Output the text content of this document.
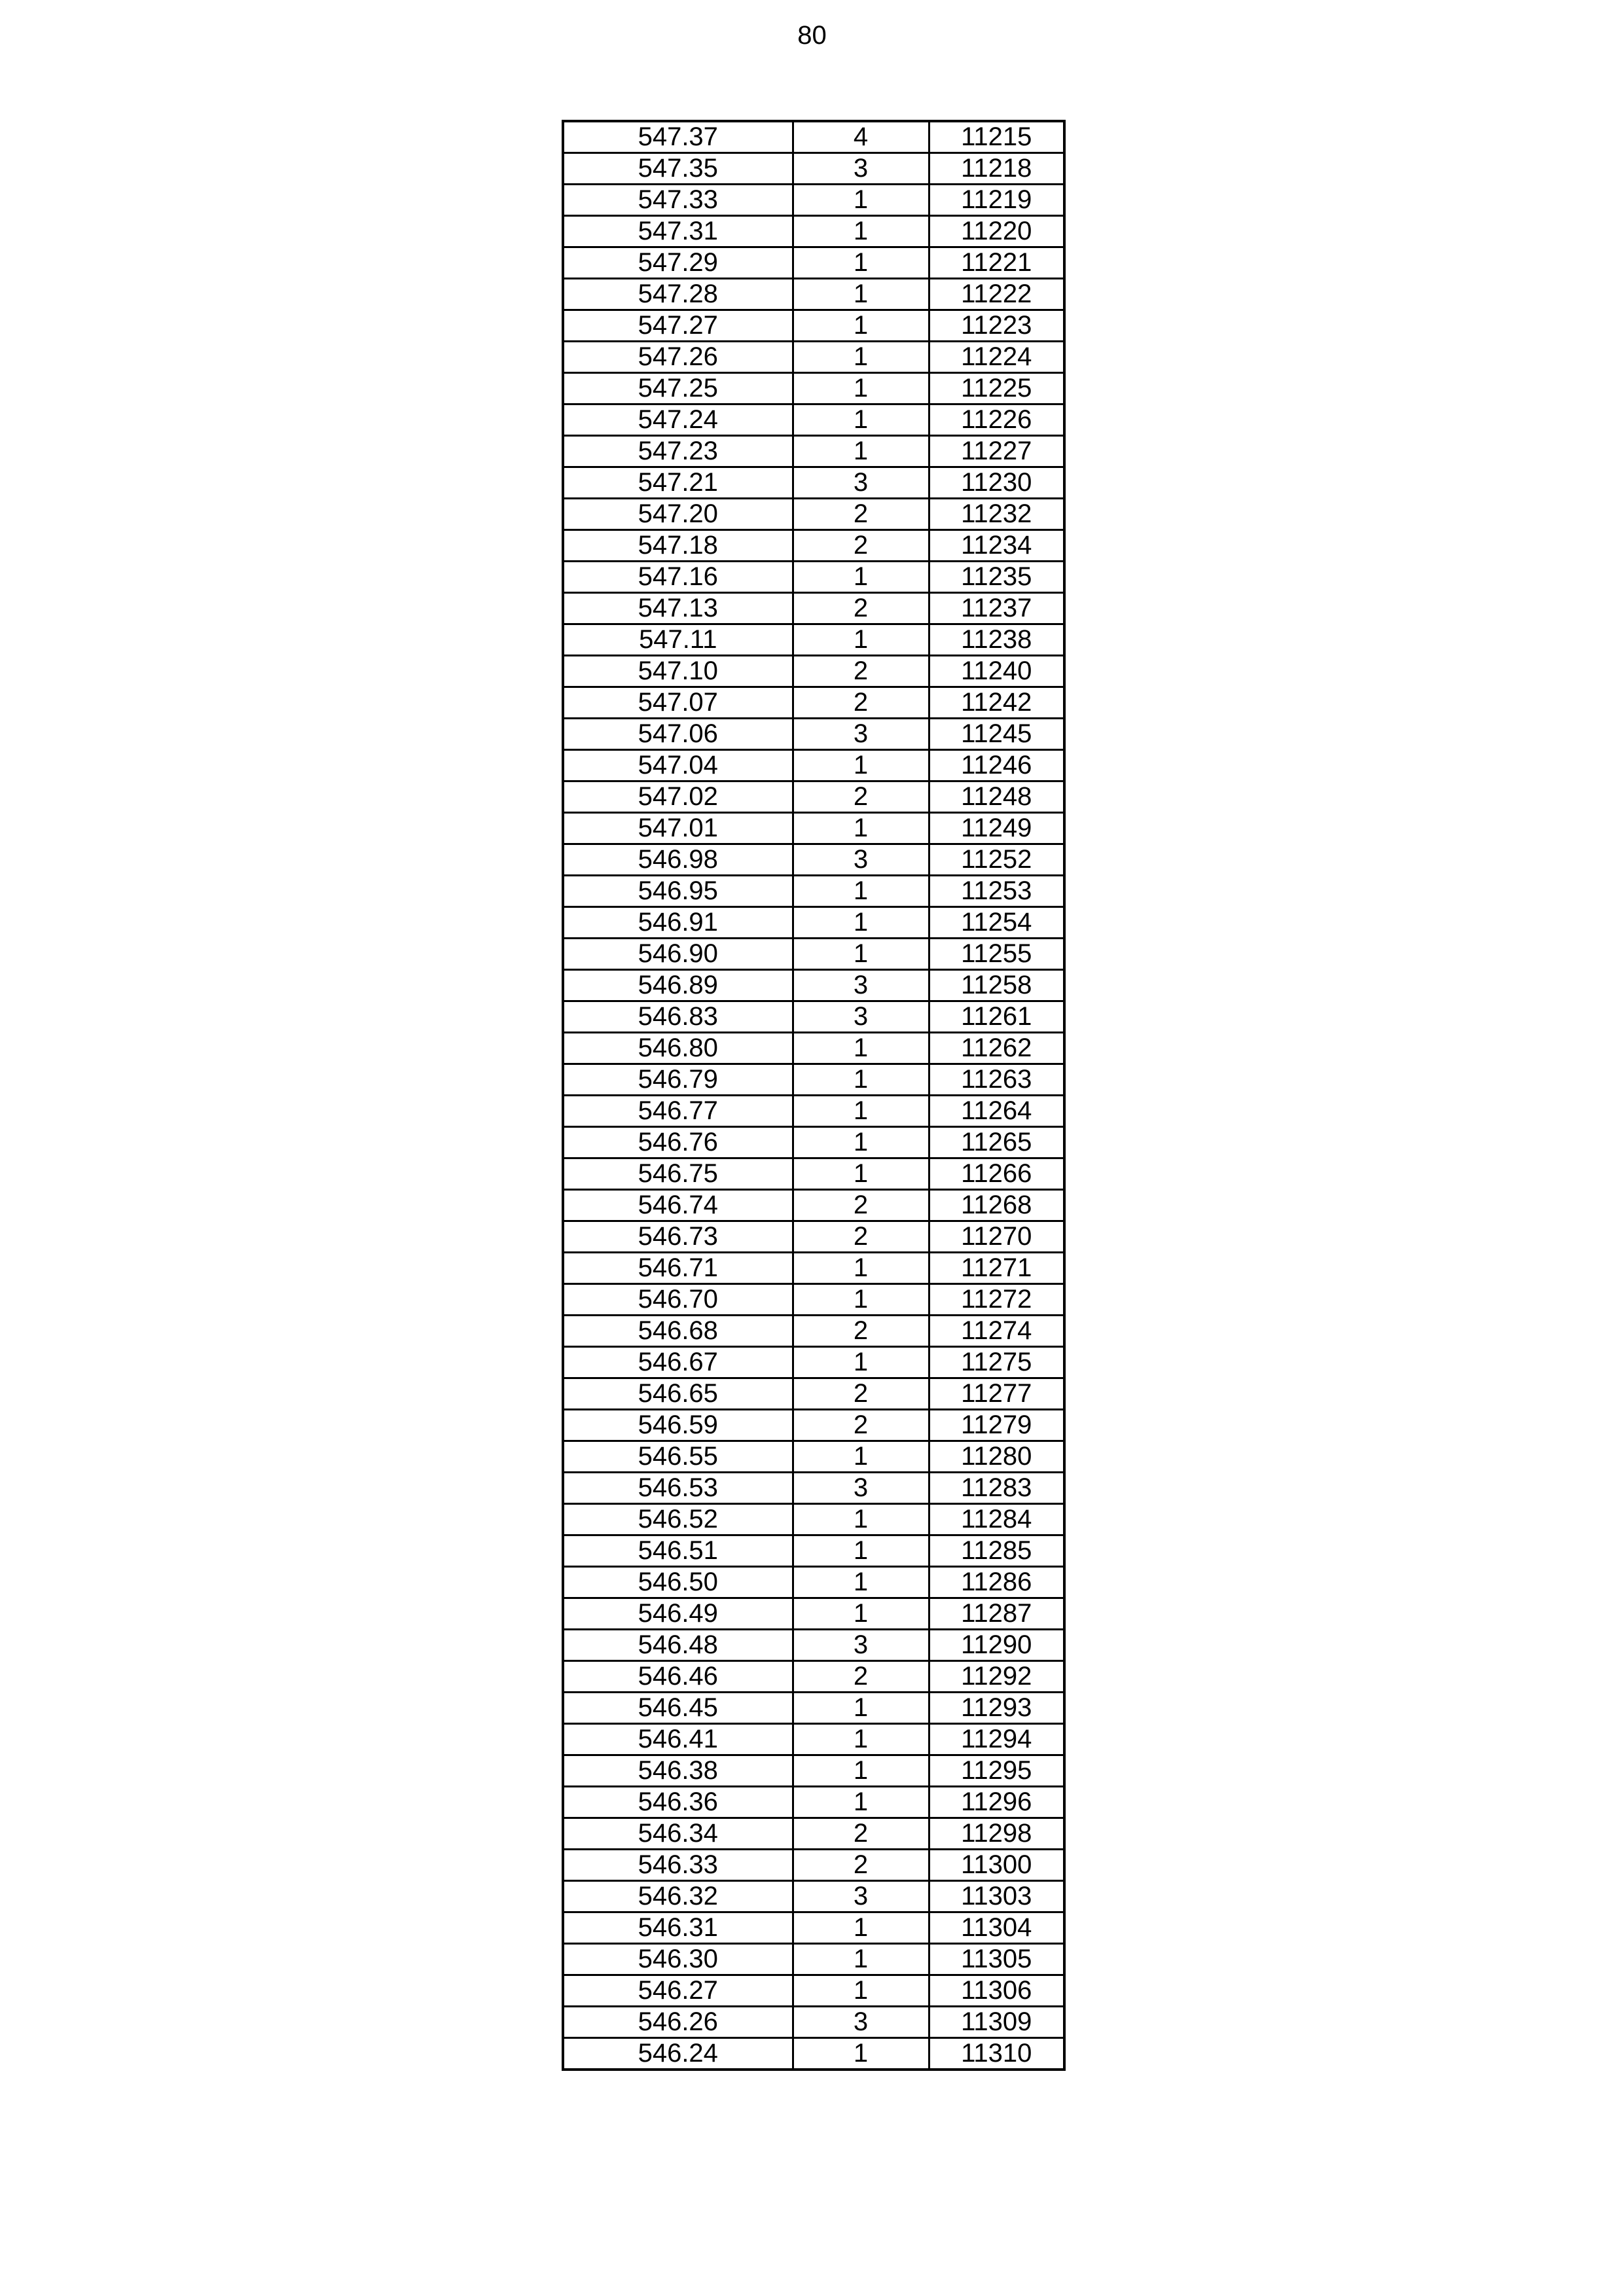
80
547.37	4	11215
547.35	3	11218
547.33	1	11219
547.31	1	11220
547.29	1	11221
547.28	1	11222
547.27	1	11223
547.26	1	11224
547.25	1	11225
547.24	1	11226
547.23	1	11227
547.21	3	11230
547.20	2	11232
547.18	2	11234
547.16	1	11235
547.13	2	11237
547.11	1	11238
547.10	2	11240
547.07	2	11242
547.06	3	11245
547.04	1	11246
547.02	2	11248
547.01	1	11249
546.98	3	11252
546.95	1	11253
546.91	1	11254
546.90	1	11255
546.89	3	11258
546.83	3	11261
546.80	1	11262
546.79	1	11263
546.77	1	11264
546.76	1	11265
546.75	1	11266
546.74	2	11268
546.73	2	11270
546.71	1	11271
546.70	1	11272
546.68	2	11274
546.67	1	11275
546.65	2	11277
546.59	2	11279
546.55	1	11280
546.53	3	11283
546.52	1	11284
546.51	1	11285
546.50	1	11286
546.49	1	11287
546.48	3	11290
546.46	2	11292
546.45	1	11293
546.41	1	11294
546.38	1	11295
546.36	1	11296
546.34	2	11298
546.33	2	11300
546.32	3	11303
546.31	1	11304
546.30	1	11305
546.27	1	11306
546.26	3	11309
546.24	1	11310
